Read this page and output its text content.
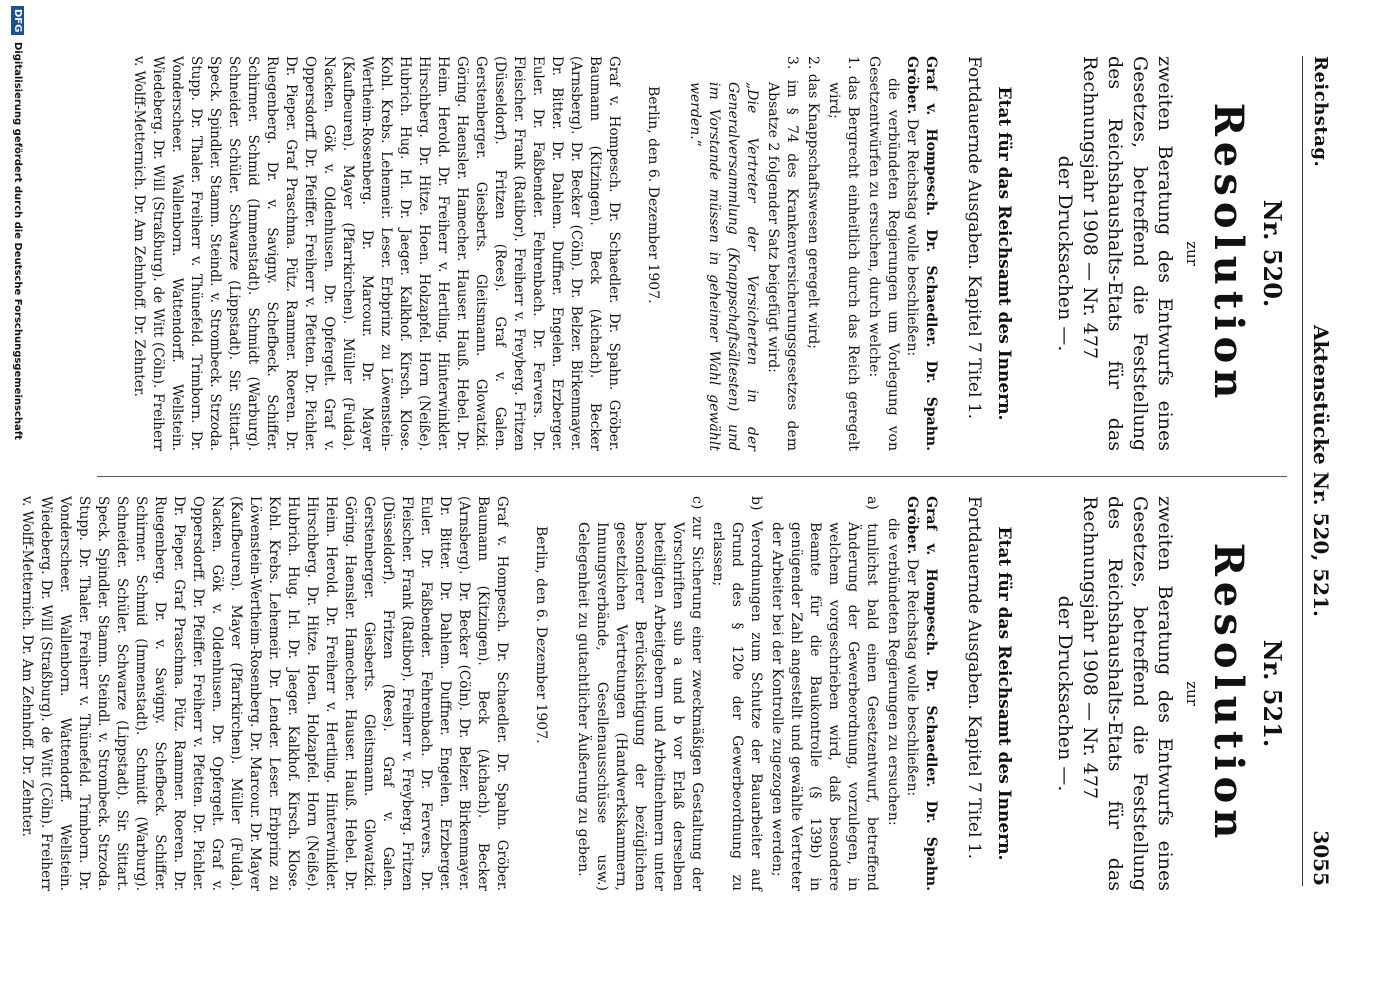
Reichstag.
Aktenstücke Nr. 520, 521.
3055

Nr. 520.

Resolution

zur

zweiten Beratung des Entwurfs eines Gesetzes, betreffend die Feststellung des Reichshaushalts-Etats für das Rechnungsjahr 1908 — Nr. 477
der Drucksachen —.

Etat für das Reichsamt des Innern.

Fortdauernde Ausgaben. Kapitel 7 Titel 1.

Graf v. Hompesch. Dr. Schaedler. Dr. Spahn. Gröber. Der Reichstag wolle beschließen:

die verbündeten Regierungen um Vorlegung von Gesetzentwürfen zu ersuchen, durch welche:

1. das Bergrecht einheitlich durch das Reich geregelt wird;

2. das Knappschaftswesen geregelt wird;

3. im § 74 des Krankenversicherungsgesetzes dem Absatze 2 folgender Satz beigefügt wird:

„Die Vertreter der Versicherten in der Generalversammlung (Knappschaftsältesten) und im Vorstande müssen in geheimer Wahl gewählt werden.“

Berlin, den 6. Dezember 1907.

Graf v. Hompesch. Dr. Schaedler. Dr. Spahn. Gröber. Baumann (Kitzingen). Beck (Aichach). Becker (Arnsberg). Dr. Becker (Cöln). Dr. Belzer. Birkenmayer. Dr. Bitter. Dr. Dahlem. Duffner. Engelen. Erzberger. Euler. Dr. Faßbender. Fehrenbach. Dr. Fervers. Dr. Fleischer. Frank (Ratibor). Freiherr v. Freyberg. Fritzen (Düsseldorf). Fritzen (Rees). Graf v. Galen. Gerstenberger. Giesberts. Gleitsmann. Glowatzki. Göring. Haensler. Hamecher. Hauser. Hauß. Hebel. Dr. Heim. Herold. Dr. Freiherr v. Hertling. Hinterwinkler. Hirschberg. Dr. Hitze. Hoen. Holzapfel. Horn (Neiße). Hubrich. Hug. Irl. Dr. Jaeger. Kalkhof. Kirsch. Klose. Kohl. Krebs. Lehemeir. Leser. Erbprinz zu Löwenstein-Wertheim-Rosenberg. Dr. Marcour. Dr. Mayer (Kaufbeuren). Mayer (Pfarrkirchen). Müller (Fulda). Nacken. Gök v. Oldenhusen. Dr. Opfergelt. Graf v. Oppersdorff. Dr. Pfeiffer. Freiherr v. Pfetten. Dr. Pichler. Dr. Pieper. Graf Praschma. Pütz. Rammer. Roeren. Dr. Ruegenberg. Dr. v. Savigny. Schefbeck. Schiffer. Schirmer. Schmid (Immenstadt). Schmidt (Warburg). Schneider. Schüler. Schwarze (Lippstadt). Sir. Sittart. Speck. Spindler. Stamm. Steindl. v. Strombeck. Strzoda. Stupp. Dr. Thaler. Freiherr v. Thünefeld. Trimborn. Dr. Vonderscheer. Wallenborn. Wattendorff. Wellstein. Wiedeberg. Dr. Will (Straßburg). de Witt (Cöln). Freiherr v. Wolff-Metternich. Dr. Am Zehnhoff. Dr. Zehnter.

Nr. 521.

Resolution

zur

zweiten Beratung des Entwurfs eines Gesetzes, betreffend die Feststellung des Reichshaushalts-Etats für das Rechnungsjahr 1908 — Nr. 477
der Drucksachen —.

Etat für das Reichsamt des Innern.

Fortdauernde Ausgaben. Kapitel 7 Titel 1.

Graf v. Hompesch. Dr. Schaedler. Dr. Spahn. Gröber. Der Reichstag wolle beschließen:

die verbündeten Regierungen zu ersuchen:

a) tunlichst bald einen Gesetzentwurf, betreffend Änderung der Gewerbeordnung, vorzulegen, in welchem vorgeschrieben wird, daß besondere Beamte für die Baukontrolle (§ 139b) in genügender Zahl angestellt und gewählte Vertreter der Arbeiter bei der Kontrolle zugezogen werden;

b) Verordnungen zum Schutze der Bauarbeiter auf Grund des § 120e der Gewerbeordnung zu erlassen;

c) zur Sicherung einer zweckmäßigen Gestaltung der Vorschriften sub a und b vor Erlaß derselben beteiligten Arbeitgebern und Arbeitnehmern unter besonderer Berücksichtigung der bezüglichen gesetzlichen Vertretungen (Handwerkskammern, Innungsverbände, Gesellenausschüsse usw.) Gelegenheit zu gutachtlicher Äußerung zu geben.

Berlin, den 6. Dezember 1907.

Graf v. Hompesch. Dr. Schaedler. Dr. Spahn. Gröber. Baumann (Kitzingen). Beck (Aichach). Becker (Arnsberg). Dr. Becker (Cöln). Dr. Belzer. Birkenmayer. Dr. Bitter. Dr. Dahlem. Duffner. Engelen. Erzberger. Euler. Dr. Faßbender. Fehrenbach. Dr. Fervers. Dr. Fleischer. Frank (Ratibor). Freiherr v. Freyberg. Fritzen (Düsseldorf). Fritzen (Rees). Graf v. Galen. Gerstenberger. Giesberts. Gleitsmann. Glowatzki. Göring. Haensler. Hamecher. Hauser. Hauß. Hebel. Dr. Heim. Herold. Dr. Freiherr v. Hertling. Hinterwinkler. Hirschberg. Dr. Hitze. Hoen. Holzapfel. Horn (Neiße). Hubrich. Hug. Irl. Dr. Jaeger. Kalkhof. Kirsch. Klose. Kohl. Krebs. Lehemeir. Dr. Lender. Leser. Erbprinz zu Löwenstein-Wertheim-Rosenberg. Dr. Marcour. Dr. Mayer (Kaufbeuren). Mayer (Pfarrkirchen). Müller (Fulda). Nacken. Gök v. Oldenhusen. Dr. Opfergelt. Graf v. Oppersdorff. Dr. Pfeiffer. Freiherr v. Pfetten. Dr. Pichler. Dr. Pieper. Graf Praschma. Pütz. Rammer. Roeren. Dr. Ruegenberg. Dr. v. Savigny. Schefbeck. Schiffer. Schirmer. Schmid (Immenstadt). Schmidt (Warburg). Schneider. Schüler. Schwarze (Lippstadt). Sir. Sittart. Speck. Spindler. Stamm. Steindl. v. Strombeck. Strzoda. Stupp. Dr. Thaler. Freiherr v. Thünefeld. Trimborn. Dr. Vonderscheer. Wallenborn. Wattendorff. Wellstein. Wiedeberg. Dr. Will (Straßburg). de Witt (Cöln). Freiherr v. Wolff-Metternich. Dr. Am Zehnhoff. Dr. Zehnter.

Digitalisierung gefördert durch die Deutsche Forschungsgemeinschaft
DFG
